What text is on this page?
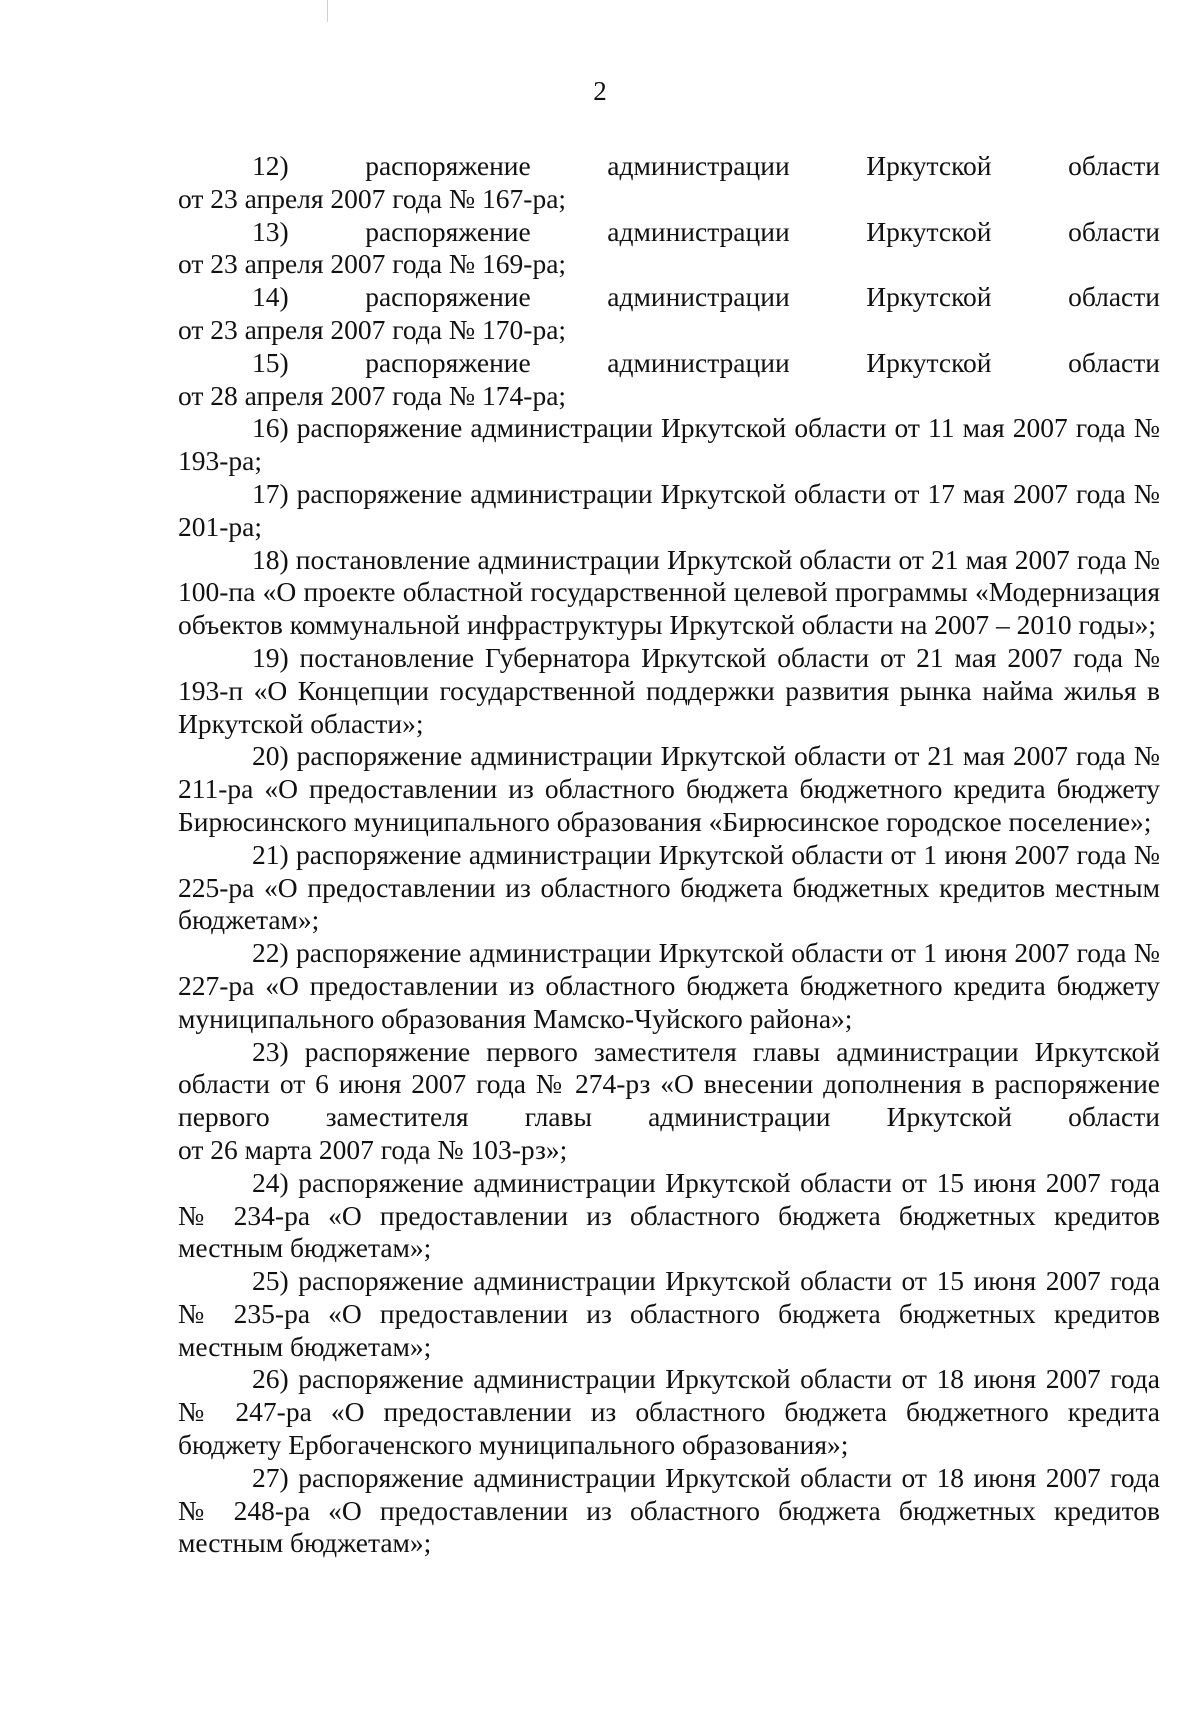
2
12)	распоряжение	администрации	Иркутской	области
от 23 апреля 2007 года № 167-ра;
13)	распоряжение	администрации	Иркутской	области
от 23 апреля 2007 года № 169-ра;
14)	распоряжение	администрации	Иркутской	области
от 23 апреля 2007 года № 170-ра;
15)	распоряжение	администрации	Иркутской	области
от 28 апреля 2007 года № 174-ра;
16) распоряжение администрации Иркутской области от 11 мая 2007 года № 193-ра;
17) распоряжение администрации Иркутской области от 17 мая 2007 года № 201-ра;
18) постановление администрации Иркутской области от 21 мая 2007 года № 100-па «О проекте областной государственной целевой программы «Модернизация объектов коммунальной инфраструктуры Иркутской области на 2007 – 2010 годы»;
19) постановление Губернатора Иркутской области от 21 мая 2007 года № 193-п «О Концепции государственной поддержки развития рынка найма жилья в Иркутской области»;
20) распоряжение администрации Иркутской области от 21 мая 2007 года № 211-ра «О предоставлении из областного бюджета бюджетного кредита бюджету Бирюсинского муниципального образования «Бирюсинское городское поселение»;
21) распоряжение администрации Иркутской области от 1 июня 2007 года № 225-ра «О предоставлении из областного бюджета бюджетных кредитов местным бюджетам»;
22) распоряжение администрации Иркутской области от 1 июня 2007 года № 227-ра «О предоставлении из областного бюджета бюджетного кредита бюджету муниципального образования Мамско-Чуйского района»;
23) распоряжение первого заместителя главы администрации Иркутской области от 6 июня 2007 года № 274-рз «О внесении дополнения в распоряжение
первого заместителя главы администрации Иркутской области
от 26 марта 2007 года № 103-рз»;
24) распоряжение администрации Иркутской области от 15 июня 2007 года № 234-ра «О предоставлении из областного бюджета бюджетных кредитов местным бюджетам»;
25) распоряжение администрации Иркутской области от 15 июня 2007 года № 235-ра «О предоставлении из областного бюджета бюджетных кредитов местным бюджетам»;
26) распоряжение администрации Иркутской области от 18 июня 2007 года № 247-ра «О предоставлении из областного бюджета бюджетного кредита бюджету Ербогаченского муниципального образования»;
27) распоряжение администрации Иркутской области от 18 июня 2007 года № 248-ра «О предоставлении из областного бюджета бюджетных кредитов местным бюджетам»;
